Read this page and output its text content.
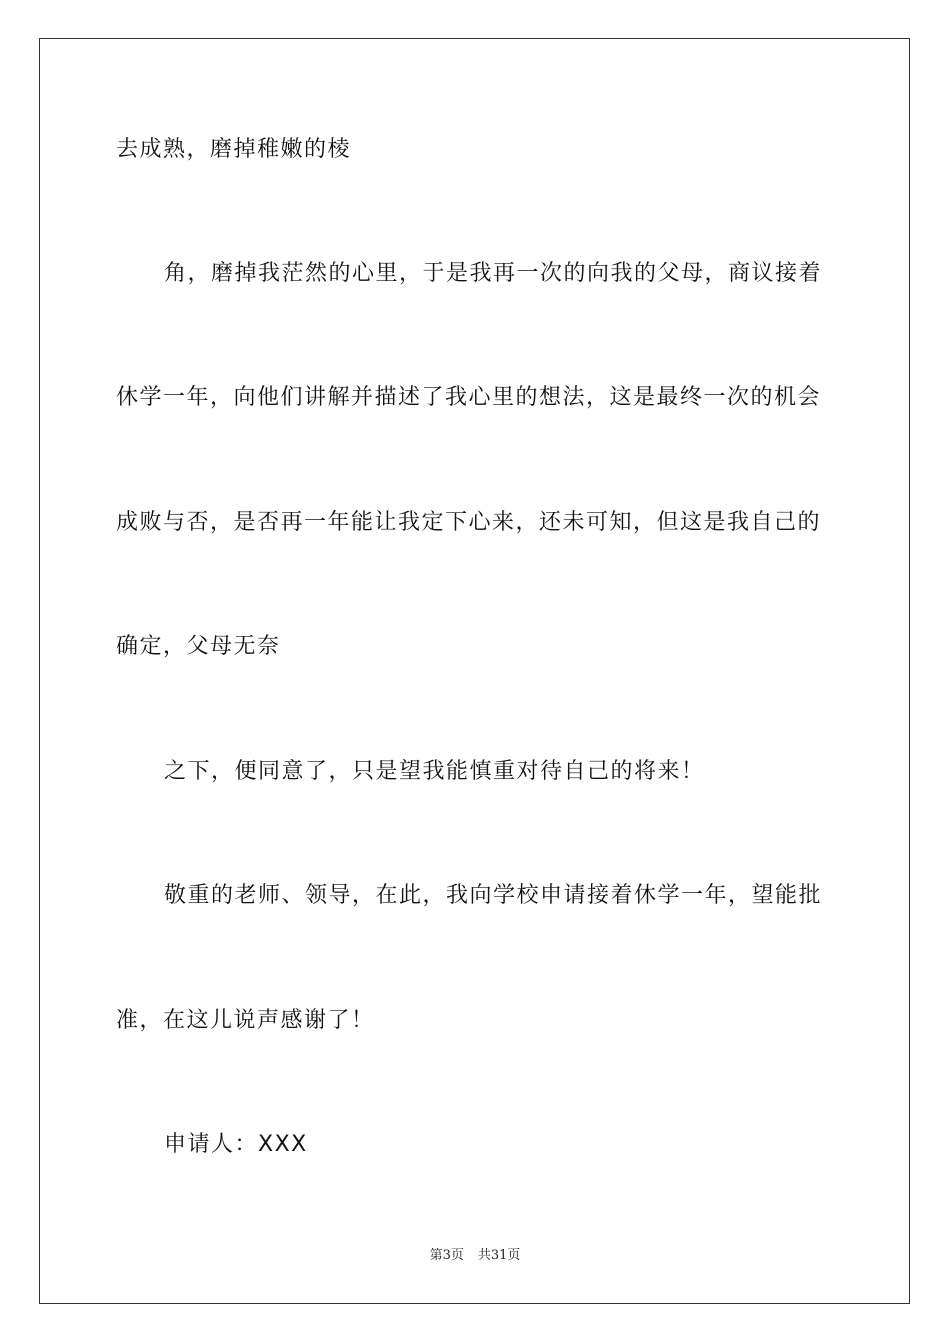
去成熟，磨掉稚嫩的棱
角，磨掉我茫然的心里，于是我再一次的向我的父母，商议接着
休学一年，向他们讲解并描述了我心里的想法，这是最终一次的机会
成败与否，是否再一年能让我定下心来，还未可知，但这是我自己的
确定，父母无奈
之下，便同意了，只是望我能慎重对待自己的将来！
敬重的老师、领导，在此，我向学校申请接着休学一年，望能批
准，在这儿说声感谢了！
申请人：XXX
第3页 共31页
